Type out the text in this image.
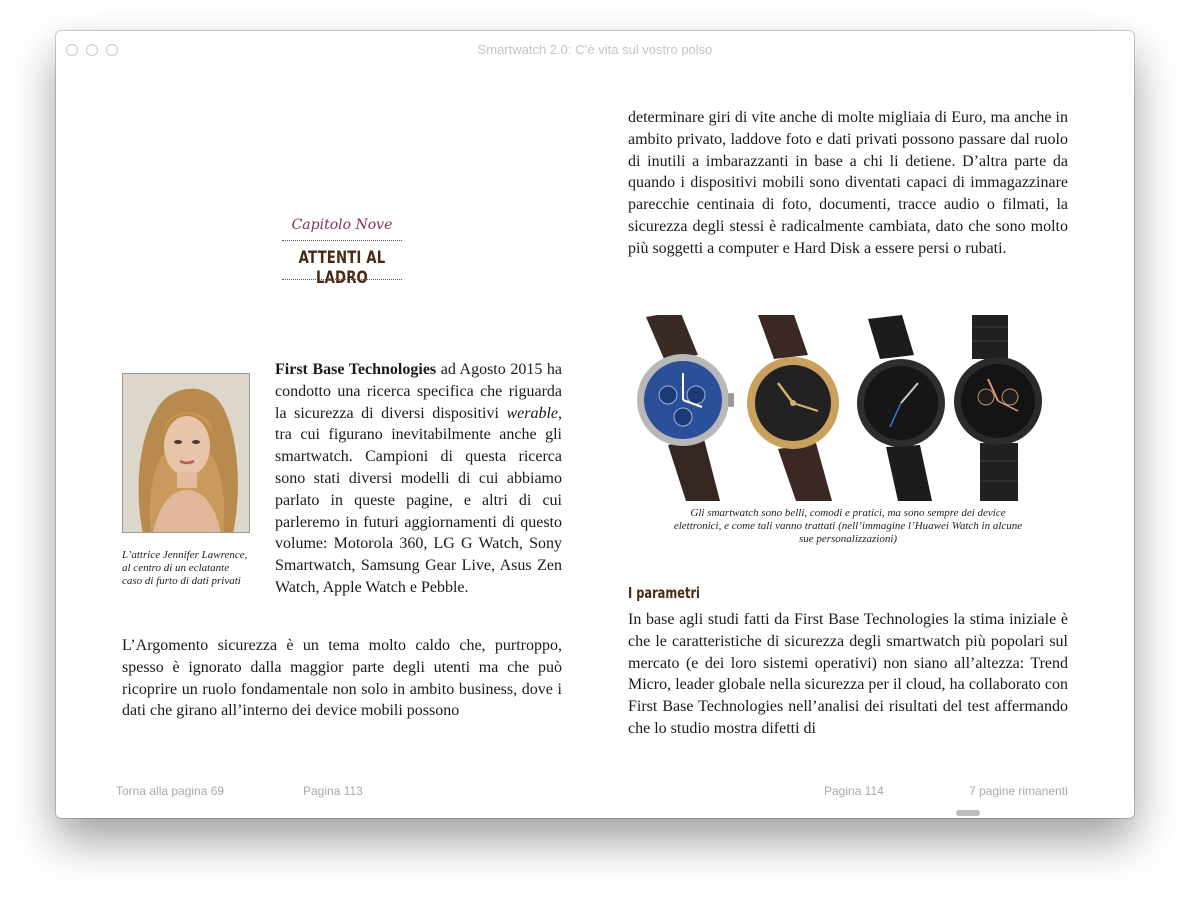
Smartwatch 2.0: C’è vita sul vostro polso
Capitolo Nove
ATTENTI AL LADRO
L’attrice Jennifer Lawrence, al centro di un eclatante caso di furto di dati privati

First Base Technologies ad Agosto 2015 ha condotto una ricerca specifica che riguarda la sicurezza di diversi dispositivi werable, tra cui figurano inevitabilmente anche gli smartwatch. Campioni di questa ricerca sono stati diversi modelli di cui abbiamo parlato in queste pagine, e altri di cui parleremo in futuri aggiornamenti di questo volume: Motorola 360, LG G Watch, Sony Smartwatch, Samsung Gear Live, Asus Zen Watch, Apple Watch e Pebble.

L’Argomento sicurezza è un tema molto caldo che, purtroppo, spesso è ignorato dalla maggior parte degli utenti ma che può ricoprire un ruolo fondamentale non solo in ambito business, dove i dati che girano all’interno dei device mobili possono

determinare giri di vite anche di molte migliaia di Euro, ma anche in ambito privato, laddove foto e dati privati possono passare dal ruolo di inutili a imbarazzanti in base a chi li detiene. D’altra parte da quando i dispositivi mobili sono diventati capaci di immagazzinare parecchie centinaia di foto, documenti, tracce audio o filmati, la sicurezza degli stessi è radicalmente cambiata, dato che sono molto più soggetti a computer e Hard Disk a essere persi o rubati.

Gli smartwatch sono belli, comodi e pratici, ma sono sempre dei device elettronici, e come tali vanno trattati (nell’immagine l’Huawei Watch in alcune sue personalizzazioni)
I parametri

In base agli studi fatti da First Base Technologies la stima iniziale è che le caratteristiche di sicurezza degli smartwatch più popolari sul mercato (e dei loro sistemi operativi) non siano all’altezza: Trend Micro, leader globale nella sicurezza per il cloud, ha collaborato con First Base Technologies nell’analisi dei risultati del test affermando che lo studio mostra difetti di

Torna alla pagina 69	Pagina 113	Pagina 114	7 pagine rimanenti
